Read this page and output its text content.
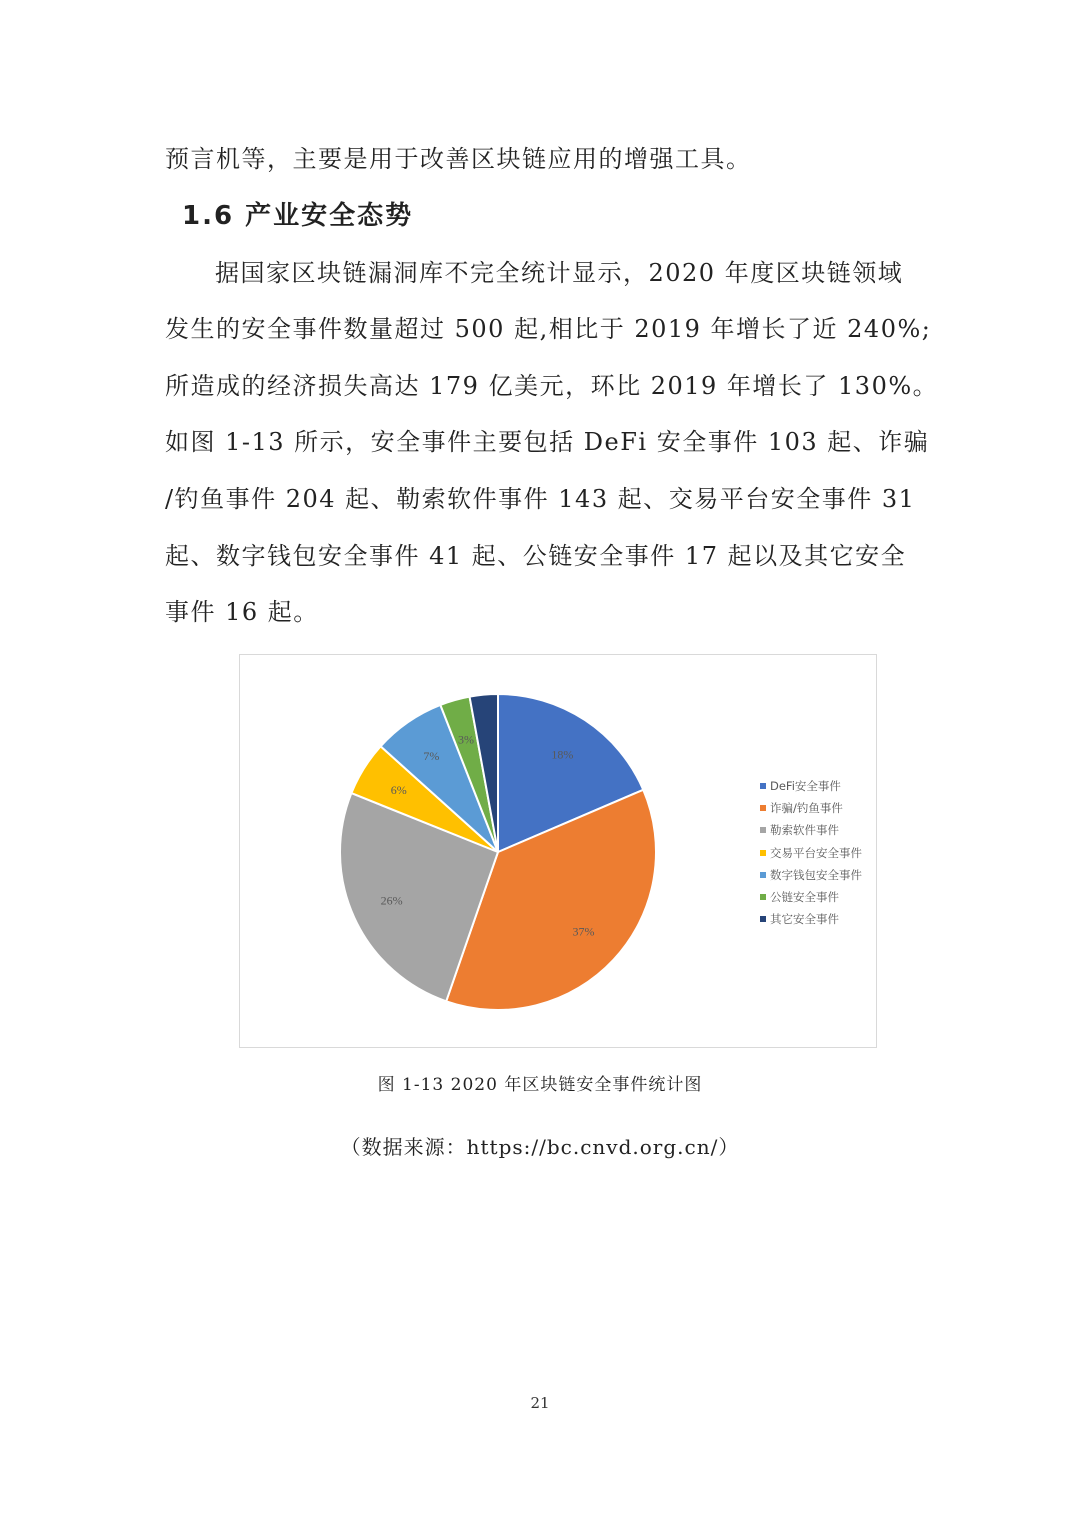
预言机等，主要是用于改善区块链应用的增强工具。
1.6 产业安全态势
据国家区块链漏洞库不完全统计显示，2020 年度区块链领域
发生的安全事件数量超过 500 起,相比于 2019 年增长了近 240%;
所造成的经济损失高达 179 亿美元，环比 2019 年增长了 130%。
如图 1-13 所示，安全事件主要包括 DeFi 安全事件 103 起、诈骗
/钓鱼事件 204 起、勒索软件事件 143 起、交易平台安全事件 31
起、数字钱包安全事件 41 起、公链安全事件 17 起以及其它安全
事件 16 起。
18%
37%
26%
6%
7%
3%
DeFi安全事件
诈骗/钓鱼事件
勒索软件事件
交易平台安全事件
数字钱包安全事件
公链安全事件
其它安全事件
图 1-13 2020 年区块链安全事件统计图
（数据来源：https://bc.cnvd.org.cn/）
21
